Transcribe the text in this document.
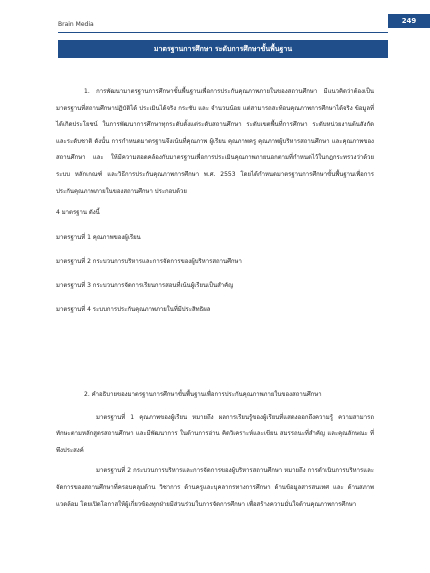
Brain Media	249
มาตรฐานการศึกษา ระดับการศึกษาขั้นพื้นฐาน

1. การพัฒนามาตรฐานการศึกษาขั้นพื้นฐานเพื่อการประกันคุณภาพภายในของสถานศึกษา มีแนวคิดว่าต้องเป็นมาตรฐานที่สถานศึกษาปฏิบัติได้ ประเมินได้จริง กระชับ และ จำนวนน้อย แต่สามารถสะท้อนคุณภาพการศึกษาได้จริง ข้อมูลที่ได้เกิดประโยชน์ ในการพัฒนาการศึกษาทุกระดับตั้งแต่ระดับสถานศึกษา ระดับเขตพื้นที่การศึกษา ระดับหน่วยงานต้นสังกัด และระดับชาติ ดังนั้น การกำหนดมาตรฐานจึงเน้นที่คุณภาพ ผู้เรียน คุณภาพครู คุณภาพผู้บริหารสถานศึกษา และคุณภาพของสถานศึกษา และ ให้มีความสอดคล้องกับมาตรฐานเพื่อการประเมินคุณภาพภายนอกตามที่กำหนดไว้ในกฎกระทรวงว่าด้วยระบบ หลักเกณฑ์ และวิธีการประกันคุณภาพการศึกษา พ.ศ. 2553 โดยได้กำหนดมาตรฐานการศึกษาขั้นพื้นฐานเพื่อการประกันคุณภาพภายในของสถานศึกษา ประกอบด้วย

4 มาตรฐาน ดังนี้

มาตรฐานที่ 1 คุณภาพของผู้เรียน

มาตรฐานที่ 2 กระบวนการบริหารและการจัดการของผู้บริหารสถานศึกษา

มาตรฐานที่ 3 กระบวนการจัดการเรียนการสอนที่เน้นผู้เรียนเป็นสำคัญ

มาตรฐานที่ 4 ระบบการประกันคุณภาพภายในที่มีประสิทธิผล

2. คำอธิบายของมาตรฐานการศึกษาขั้นพื้นฐานเพื่อการประกันคุณภาพภายในของสถานศึกษา

มาตรฐานที่ 1 คุณภาพของผู้เรียน หมายถึง ผลการเรียนรู้ของผู้เรียนที่แสดงออกถึงความรู้ ความสามารถ ทักษะตามหลักสูตรสถานศึกษา และมีพัฒนาการ ในด้านการอ่าน คิดวิเคราะห์และเขียน สมรรถนะที่สำคัญ และคุณลักษณะ ที่พึงประสงค์

มาตรฐานที่ 2 กระบวนการบริหารและการจัดการของผู้บริหารสถานศึกษา หมายถึง การดำเนินการบริหารและจัดการของสถานศึกษาที่ครอบคลุมด้าน วิชาการ ด้านครูและบุคลากรทางการศึกษา ด้านข้อมูลสารสนเทศ และ ด้านสภาพแวดล้อม โดยเปิดโอกาสให้ผู้เกี่ยวข้องทุกฝ่ายมีส่วนร่วมในการจัดการศึกษา เพื่อสร้างความมั่นใจด้านคุณภาพการศึกษา
